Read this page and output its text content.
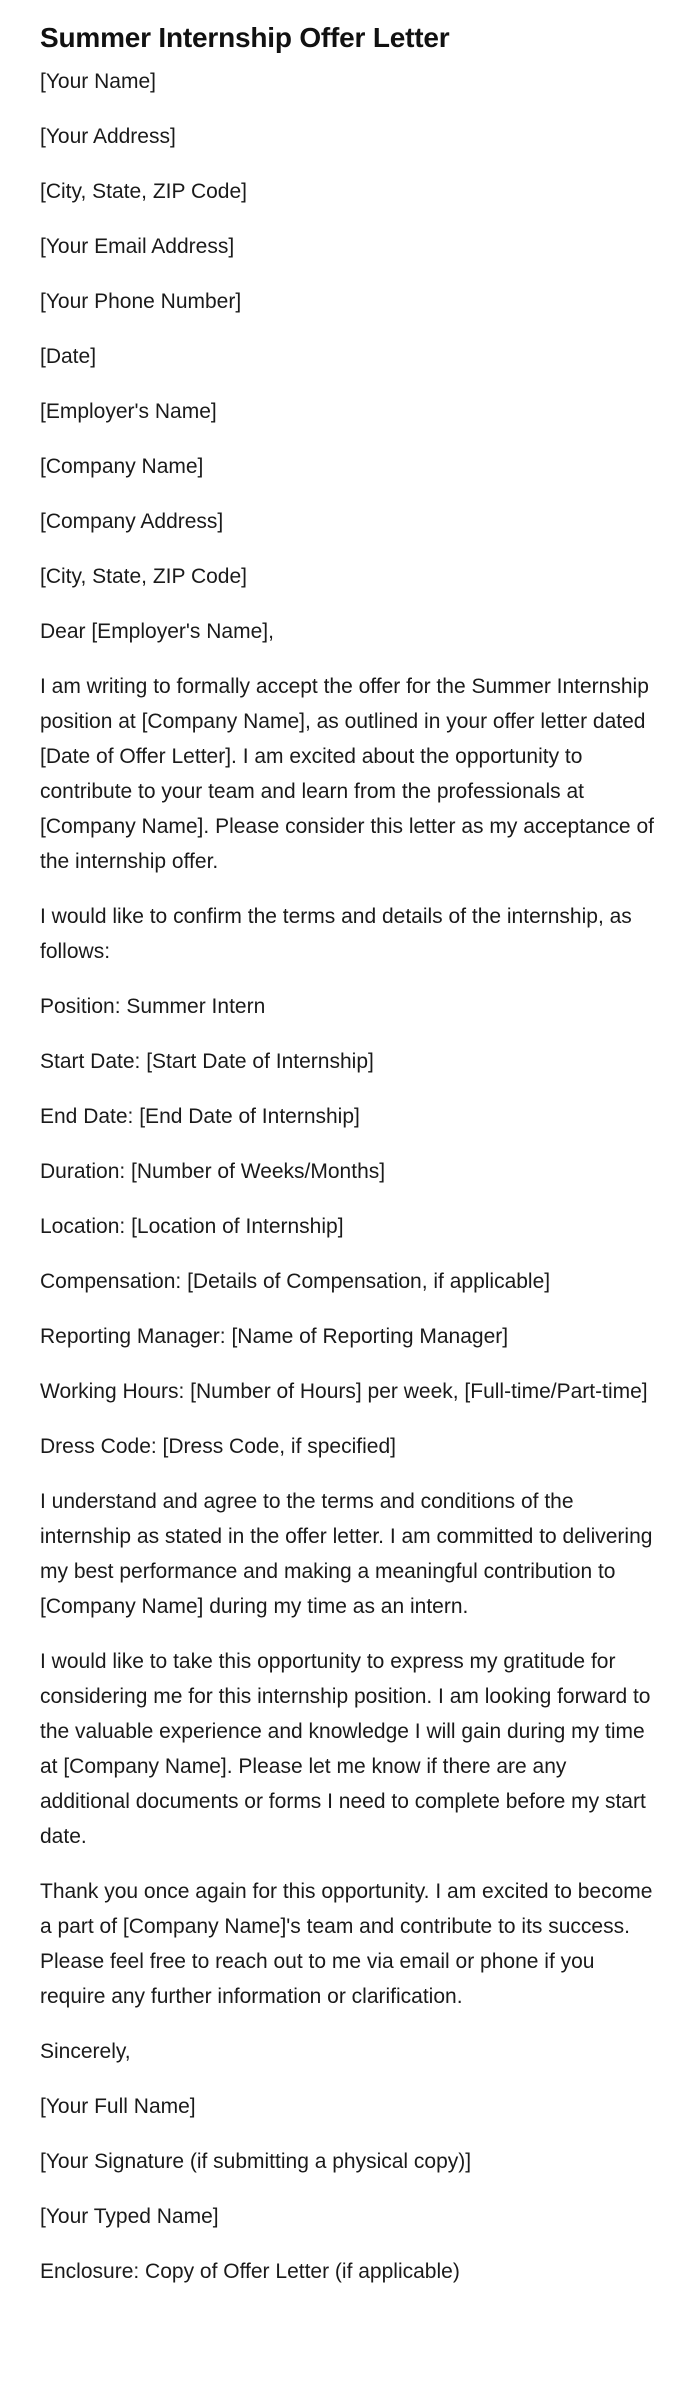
Summer Internship Offer Letter
[Your Name]
[Your Address]
[City, State, ZIP Code]
[Your Email Address]
[Your Phone Number]
[Date]
[Employer's Name]
[Company Name]
[Company Address]
[City, State, ZIP Code]
Dear [Employer's Name],

I am writing to formally accept the offer for the Summer Internship position at [Company Name], as outlined in your offer letter dated [Date of Offer Letter]. I am excited about the opportunity to contribute to your team and learn from the professionals at [Company Name]. Please consider this letter as my acceptance of the internship offer.

I would like to confirm the terms and details of the internship, as follows:

Position: Summer Intern
Start Date: [Start Date of Internship]
End Date: [End Date of Internship]
Duration: [Number of Weeks/Months]
Location: [Location of Internship]
Compensation: [Details of Compensation, if applicable]
Reporting Manager: [Name of Reporting Manager]
Working Hours: [Number of Hours] per week, [Full-time/Part-time]
Dress Code: [Dress Code, if specified]

I understand and agree to the terms and conditions of the internship as stated in the offer letter. I am committed to delivering my best performance and making a meaningful contribution to [Company Name] during my time as an intern.

I would like to take this opportunity to express my gratitude for considering me for this internship position. I am looking forward to the valuable experience and knowledge I will gain during my time at [Company Name]. Please let me know if there are any additional documents or forms I need to complete before my start date.

Thank you once again for this opportunity. I am excited to become a part of [Company Name]'s team and contribute to its success. Please feel free to reach out to me via email or phone if you require any further information or clarification.

Sincerely,
[Your Full Name]
[Your Signature (if submitting a physical copy)]
[Your Typed Name]
Enclosure: Copy of Offer Letter (if applicable)
